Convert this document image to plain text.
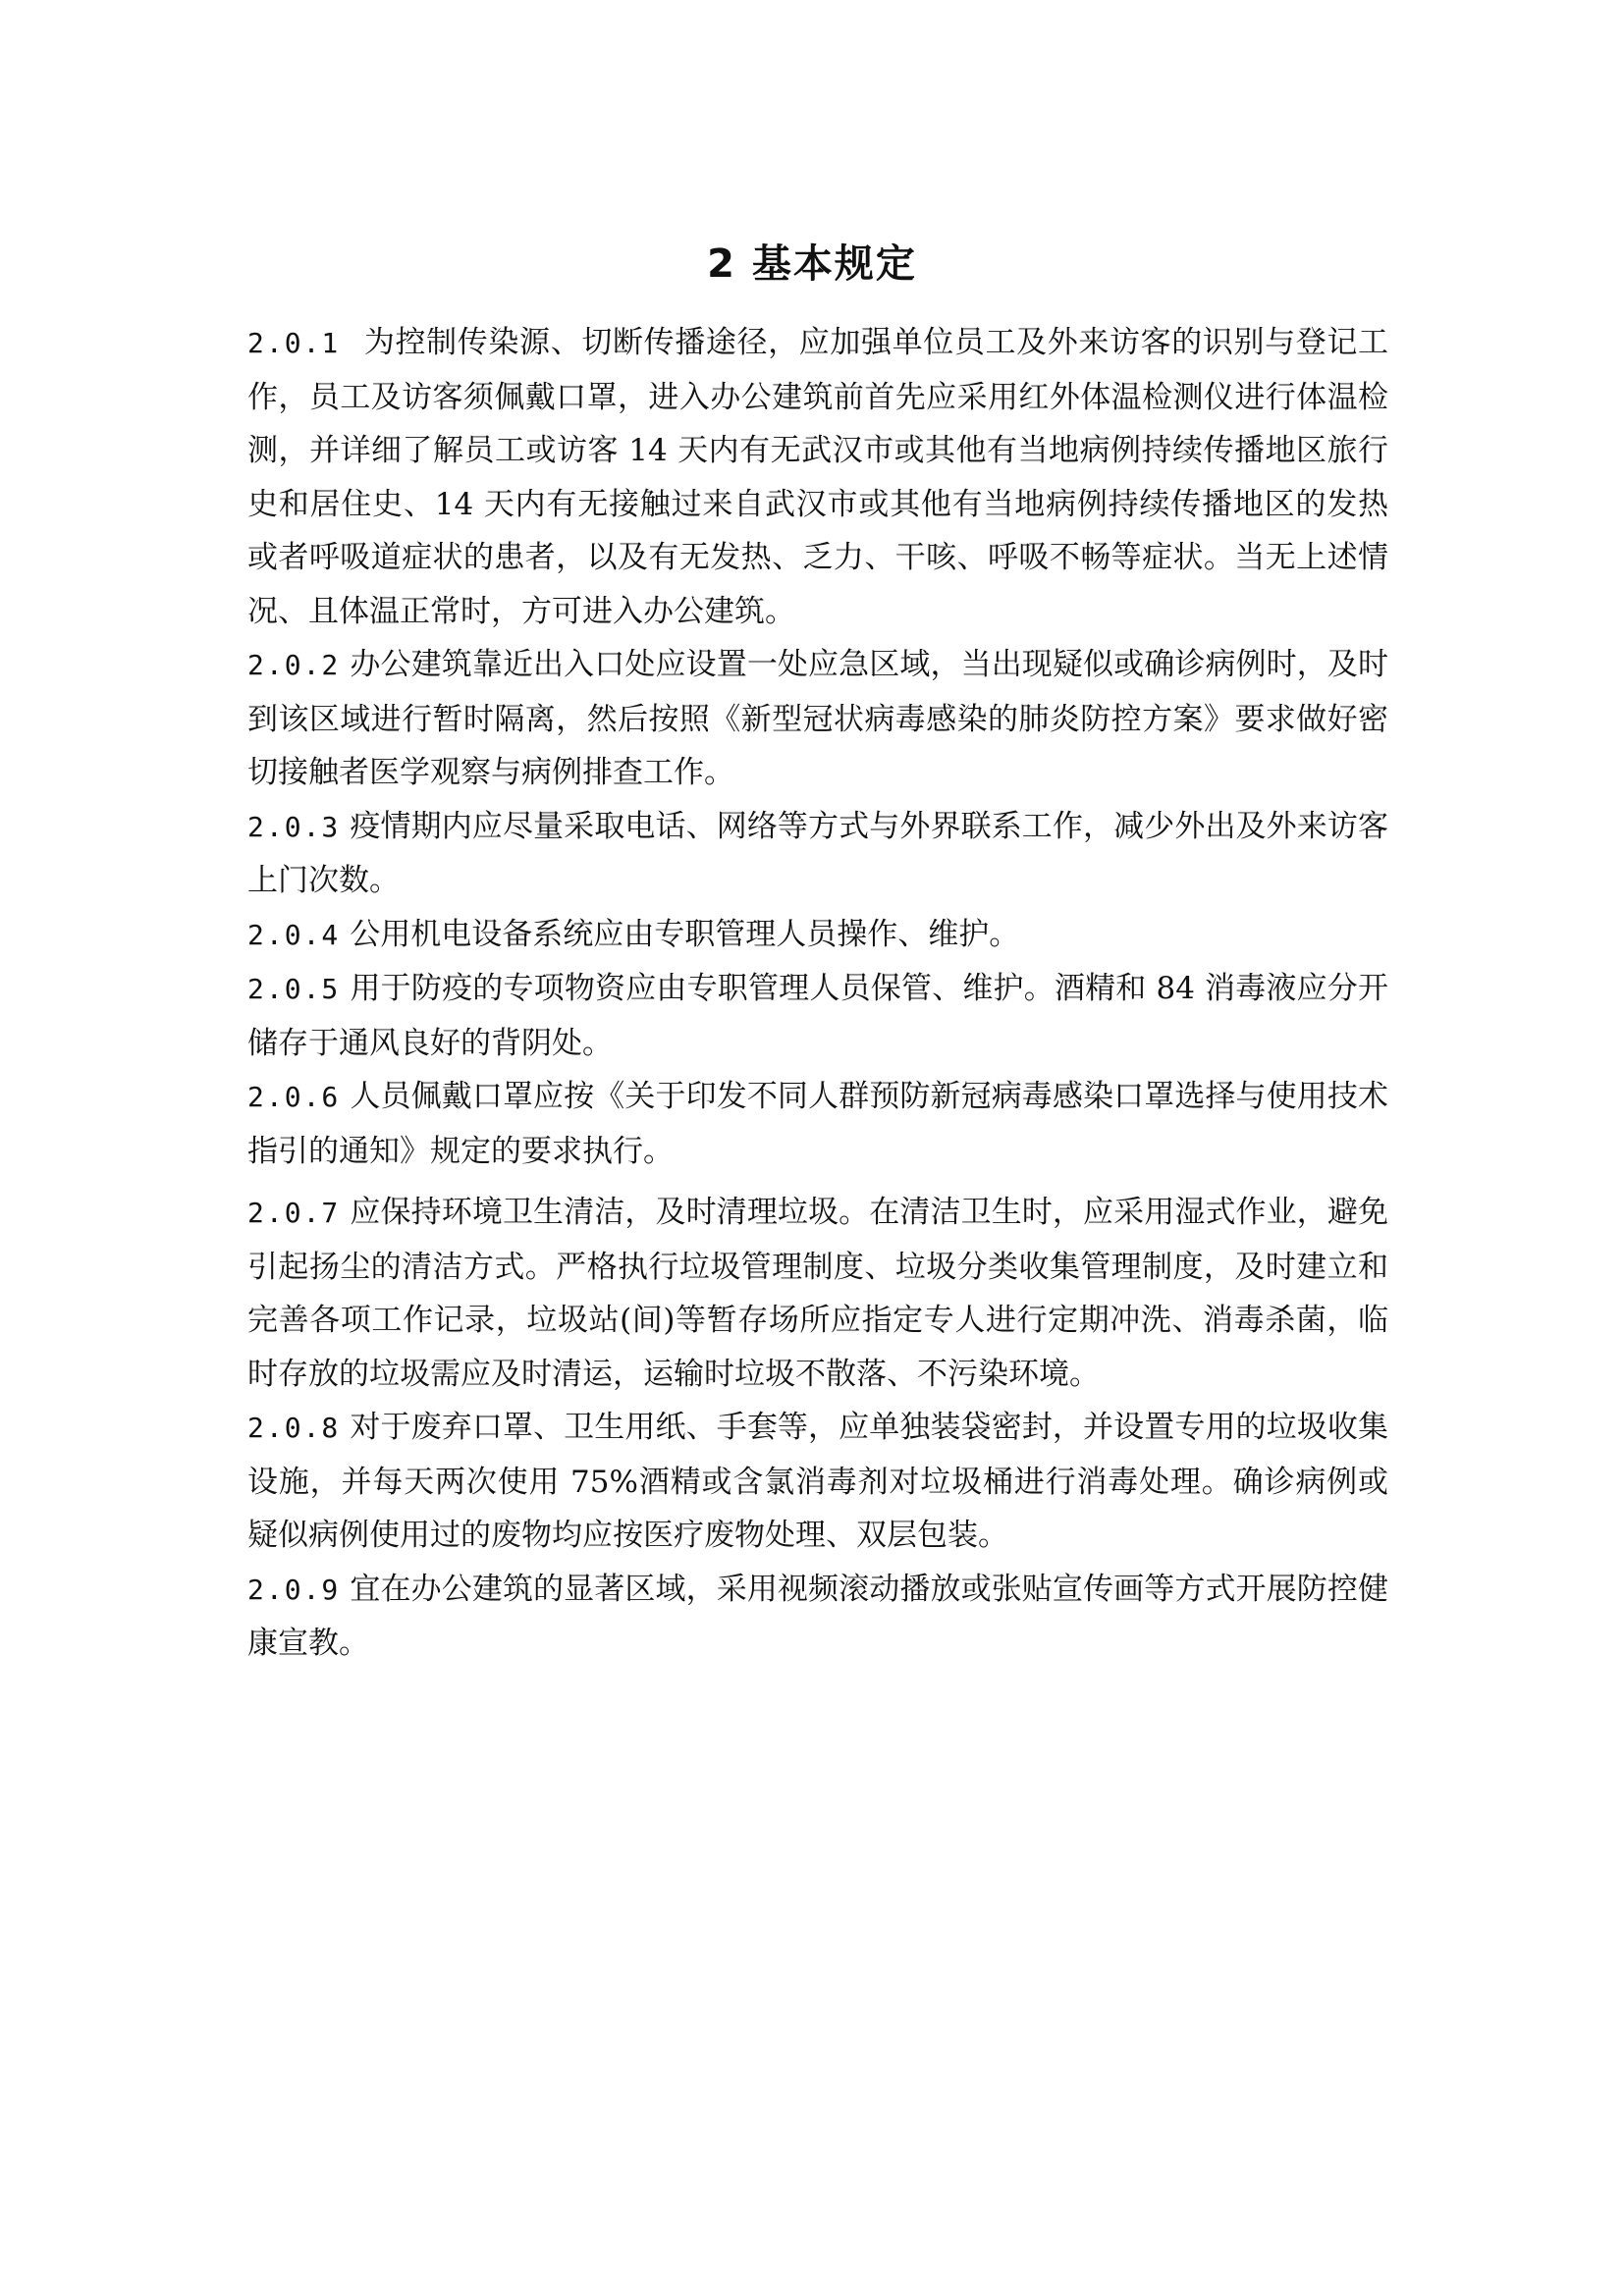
2 基本规定

2.0.1 为控制传染源、切断传播途径，应加强单位员工及外来访客的识别与登记工作，员工及访客须佩戴口罩，进入办公建筑前首先应采用红外体温检测仪进行体温检测，并详细了解员工或访客 14 天内有无武汉市或其他有当地病例持续传播地区旅行史和居住史、14 天内有无接触过来自武汉市或其他有当地病例持续传播地区的发热或者呼吸道症状的患者，以及有无发热、乏力、干咳、呼吸不畅等症状。当无上述情况、且体温正常时，方可进入办公建筑。

2.0.2 办公建筑靠近出入口处应设置一处应急区域，当出现疑似或确诊病例时，及时到该区域进行暂时隔离，然后按照《新型冠状病毒感染的肺炎防控方案》要求做好密切接触者医学观察与病例排查工作。

2.0.3 疫情期内应尽量采取电话、网络等方式与外界联系工作，减少外出及外来访客上门次数。

2.0.4 公用机电设备系统应由专职管理人员操作、维护。

2.0.5 用于防疫的专项物资应由专职管理人员保管、维护。酒精和 84 消毒液应分开储存于通风良好的背阴处。

2.0.6 人员佩戴口罩应按《关于印发不同人群预防新冠病毒感染口罩选择与使用技术指引的通知》规定的要求执行。

2.0.7 应保持环境卫生清洁，及时清理垃圾。在清洁卫生时，应采用湿式作业，避免引起扬尘的清洁方式。严格执行垃圾管理制度、垃圾分类收集管理制度，及时建立和完善各项工作记录，垃圾站(间)等暂存场所应指定专人进行定期冲洗、消毒杀菌，临时存放的垃圾需应及时清运，运输时垃圾不散落、不污染环境。

2.0.8 对于废弃口罩、卫生用纸、手套等，应单独装袋密封，并设置专用的垃圾收集设施，并每天两次使用 75%酒精或含氯消毒剂对垃圾桶进行消毒处理。确诊病例或疑似病例使用过的废物均应按医疗废物处理、双层包装。

2.0.9 宜在办公建筑的显著区域，采用视频滚动播放或张贴宣传画等方式开展防控健康宣教。
